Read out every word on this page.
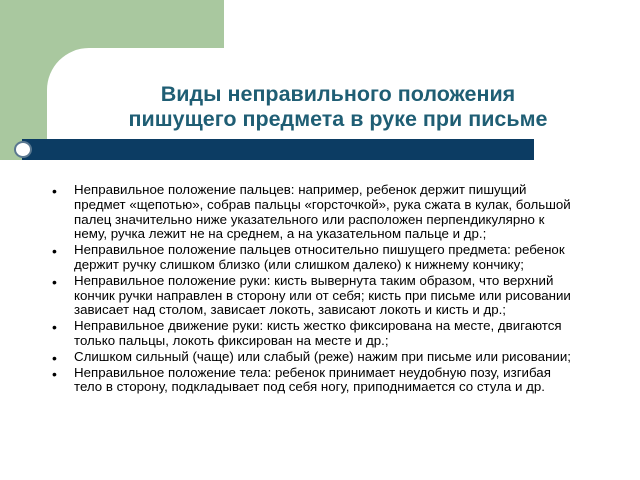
Виды неправильного положения
пишущего предмета в руке при письме
• Неправильное положение пальцев: например, ребенок держит пишущий
предмет «щепотью», собрав пальцы «горсточкой», рука сжата в кулак, большой
палец значительно ниже указательного или расположен перпендикулярно к
нему, ручка лежит не на среднем, а на указательном пальце и др.;
• Неправильное положение пальцев относительно пишущего предмета: ребенок
держит ручку слишком близко (или слишком далеко) к нижнему кончику;
• Неправильное положение руки: кисть вывернута таким образом, что верхний
кончик ручки направлен в сторону или от себя; кисть при письме или рисовании
зависает над столом, зависает локоть, зависают локоть и кисть и др.;
• Неправильное движение руки: кисть жестко фиксирована на месте, двигаются
только пальцы, локоть фиксирован на месте и др.;
• Слишком сильный (чаще) или слабый (реже) нажим при письме или рисовании;
• Неправильное положение тела: ребенок принимает неудобную позу, изгибая
тело в сторону, подкладывает под себя ногу, приподнимается со стула и др.
